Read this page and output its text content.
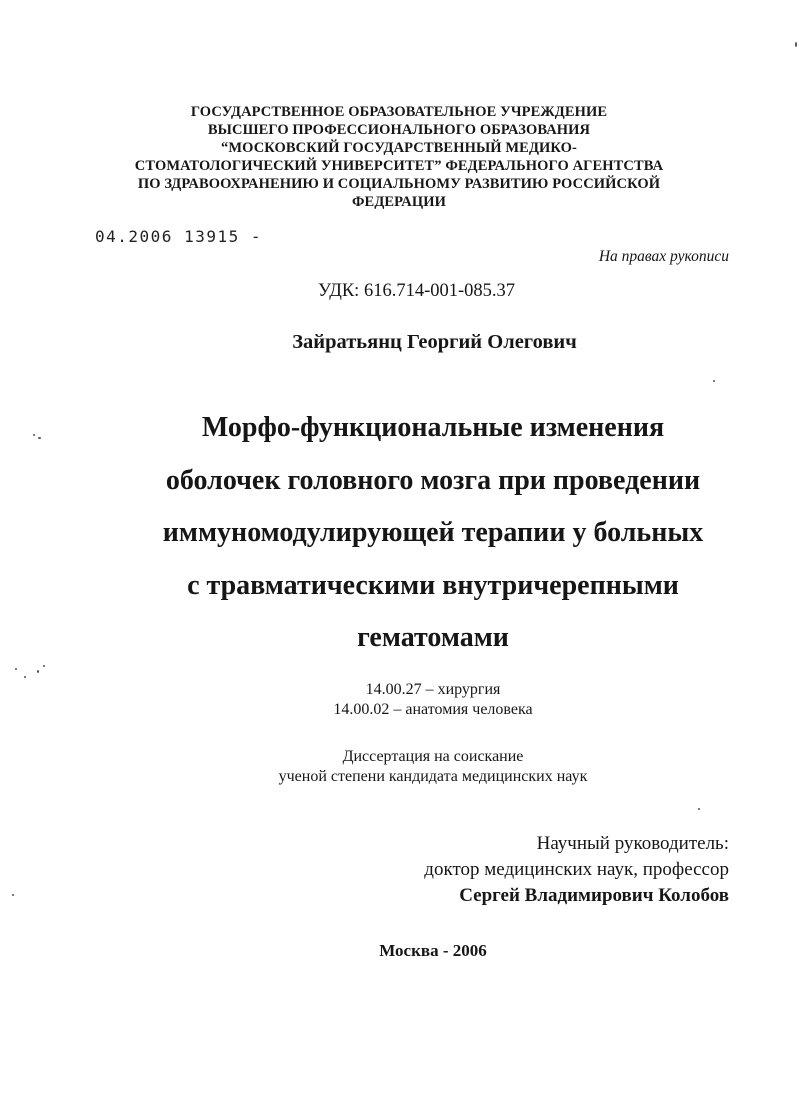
ГОСУДАРСТВЕННОЕ ОБРАЗОВАТЕЛЬНОЕ УЧРЕЖДЕНИЕ
ВЫСШЕГО ПРОФЕССИОНАЛЬНОГО ОБРАЗОВАНИЯ
“МОСКОВСКИЙ ГОСУДАРСТВЕННЫЙ МЕДИКО-
СТОМАТОЛОГИЧЕСКИЙ УНИВЕРСИТЕТ” ФЕДЕРАЛЬНОГО АГЕНТСТВА
ПО ЗДРАВООХРАНЕНИЮ И СОЦИАЛЬНОМУ РАЗВИТИЮ РОССИЙСКОЙ
ФЕДЕРАЦИИ
04.2006 13915 -
На правах рукописи
УДК: 616.714-001-085.37
Зайратьянц Георгий Олегович
Морфо-функциональные изменения
оболочек головного мозга при проведении
иммуномодулирующей терапии у больных
с травматическими внутричерепными
гематомами
14.00.27 – хирургия
14.00.02 – анатомия человека
Диссертация на соискание
ученой степени кандидата медицинских наук
Научный руководитель:
доктор медицинских наук, профессор
Сергей Владимирович Колобов
Москва - 2006
